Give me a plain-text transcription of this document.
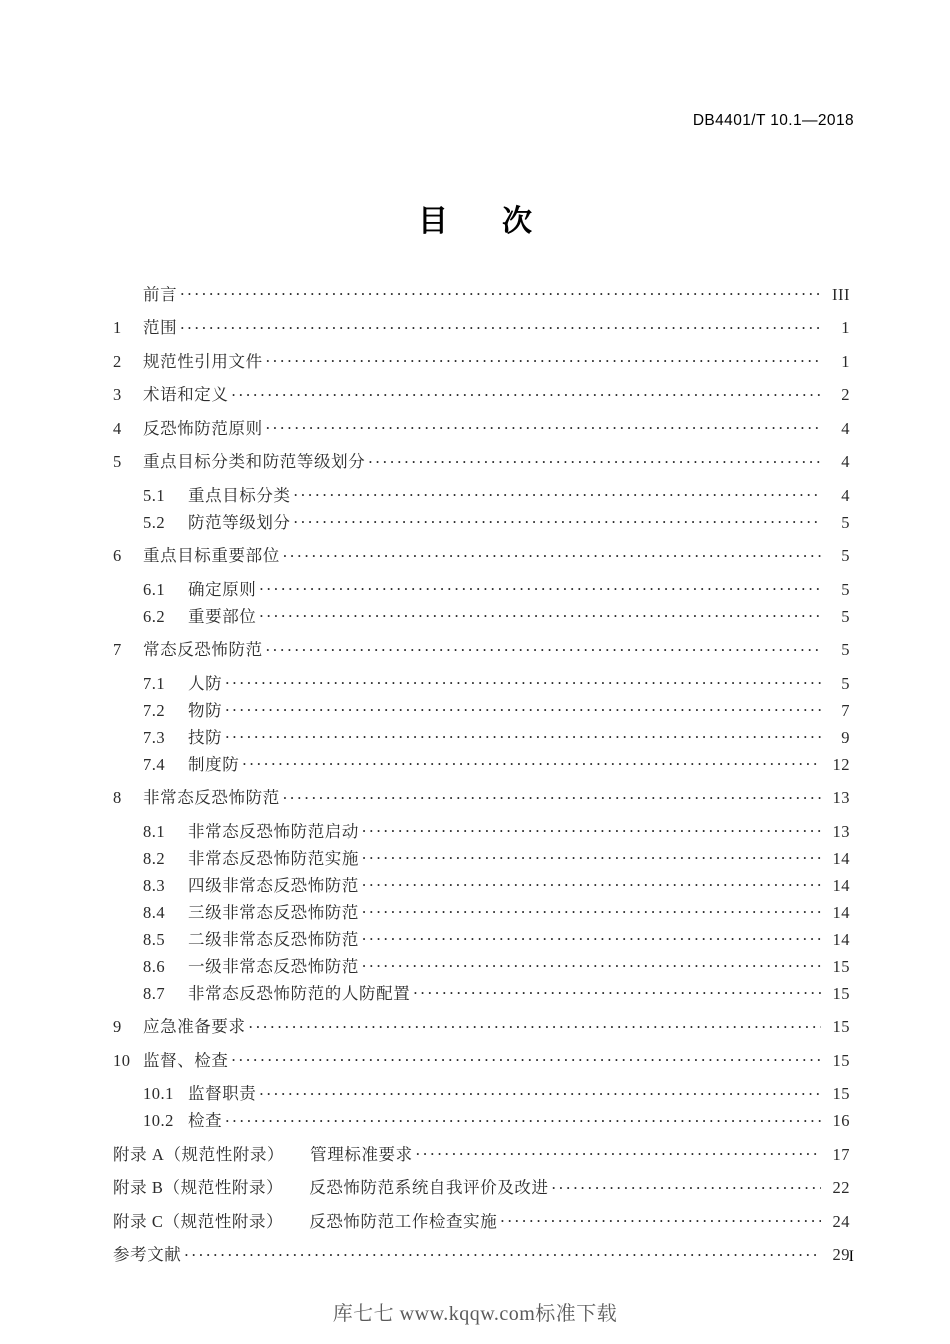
DB4401/T 10.1—2018
目　次
前言 .....	III
1	范围 .....	1
2	规范性引用文件 .....	1
3	术语和定义 .....	2
4	反恐怖防范原则 .....	4
5	重点目标分类和防范等级划分 .....	4
5.1	重点目标分类 .....	4
5.2	防范等级划分 .....	5
6	重点目标重要部位 .....	5
6.1	确定原则 .....	5
6.2	重要部位 .....	5
7	常态反恐怖防范 .....	5
7.1	人防 .....	5
7.2	物防 .....	7
7.3	技防 .....	9
7.4	制度防 .....	12
8	非常态反恐怖防范 .....	13
8.1	非常态反恐怖防范启动 .....	13
8.2	非常态反恐怖防范实施 .....	14
8.3	四级非常态反恐怖防范 .....	14
8.4	三级非常态反恐怖防范 .....	14
8.5	二级非常态反恐怖防范 .....	14
8.6	一级非常态反恐怖防范 .....	15
8.7	非常态反恐怖防范的人防配置 .....	15
9	应急准备要求 .....	15
10 监督、检查 .....	15
10.1 监督职责 .....	15
10.2 检查 .....	16
附录 A（规范性附录） 管理标准要求 .....	17
附录 B（规范性附录） 反恐怖防范系统自我评价及改进 .....	22
附录 C（规范性附录） 反恐怖防范工作检查实施 .....	24
参考文献 .....	29
I
库七七 www.kqqw.com标准下载
